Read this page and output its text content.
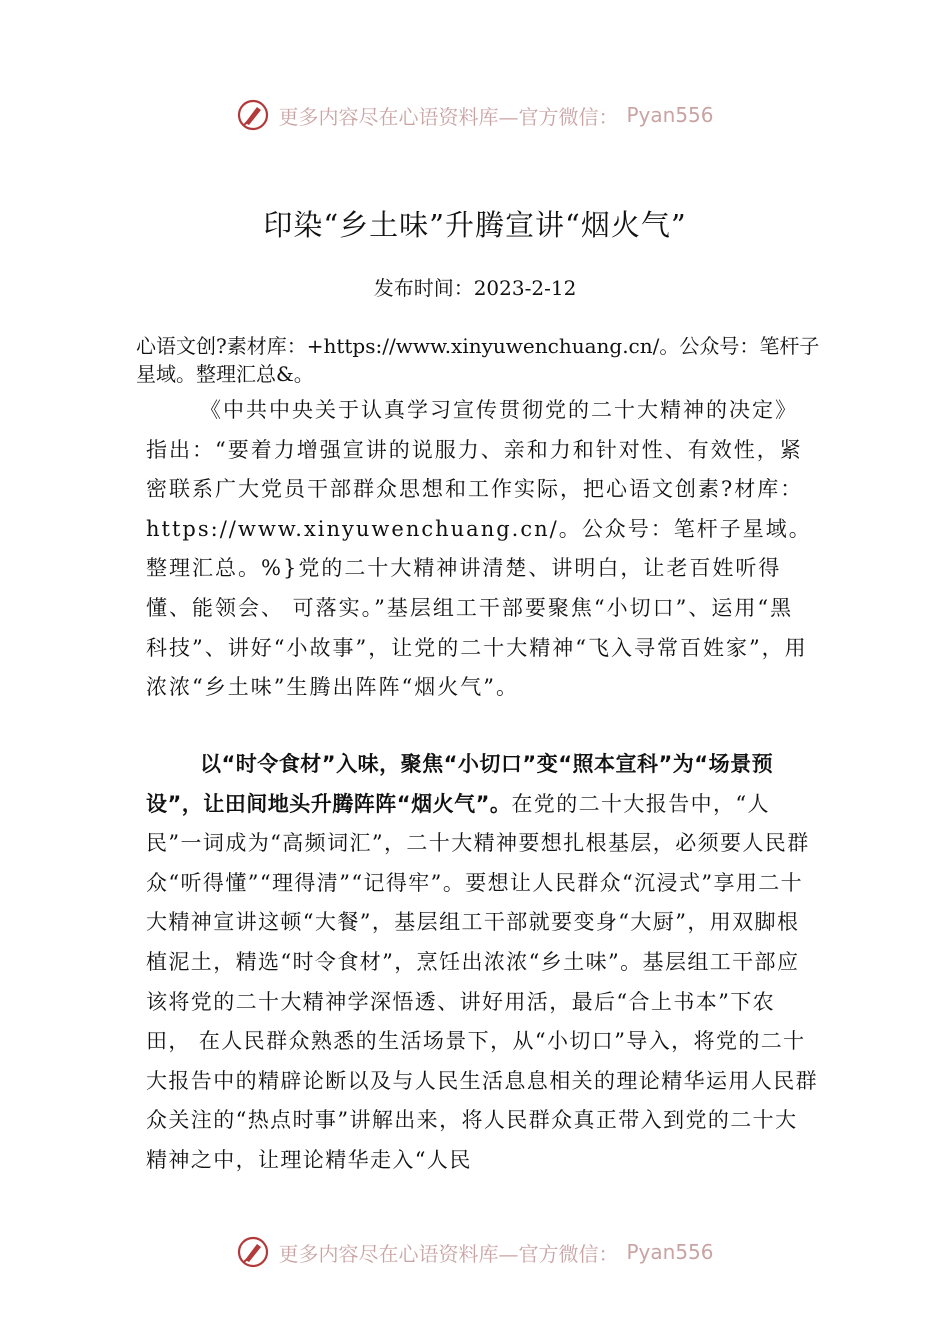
更多内容尽在心语资料库—官方微信： Pyan556
印染“乡土味”升腾宣讲“烟火气”
发布时间：2023-2-12

心语文创?素材库：+https://www.xinyuwenchuang.cn/。公众号：笔杆子星域。整理汇总&。

《中共中央关于认真学习宣传贯彻党的二十大精神的决定》指出：“要着力增强宣讲的说服力、亲和力和针对性、有效性，紧密联系广大党员干部群众思想和工作实际，把心语文创素?材库：https://www.xinyuwenchuang.cn/。公众号：笔杆子星域。整理汇总。%}党的二十大精神讲清楚、讲明白，让老百姓听得懂、能领会、 可落实。”基层组工干部要聚焦“小切口”、运用“黑科技”、讲好“小故事”，让党的二十大精神“飞入寻常百姓家”，用浓浓“乡土味”生腾出阵阵“烟火气”。

以“时令食材”入味，聚焦“小切口”变“照本宣科”为“场景预设”，让田间地头升腾阵阵“烟火气”。在党的二十大报告中，“人民”一词成为“高频词汇”，二十大精神要想扎根基层，必须要人民群众“听得懂”“理得清”“记得牢”。要想让人民群众“沉浸式”享用二十大精神宣讲这顿“大餐”，基层组工干部就要变身“大厨”，用双脚根植泥土，精选“时令食材”，烹饪出浓浓“乡土味”。基层组工干部应该将党的二十大精神学深悟透、讲好用活，最后“合上书本”下农田， 在人民群众熟悉的生活场景下，从“小切口”导入，将党的二十大报告中的精辟论断以及与人民生活息息相关的理论精华运用人民群众关注的“热点时事”讲解出来，将人民群众真正带入到党的二十大精神之中，让理论精华走入“人民

更多内容尽在心语资料库—官方微信： Pyan556
